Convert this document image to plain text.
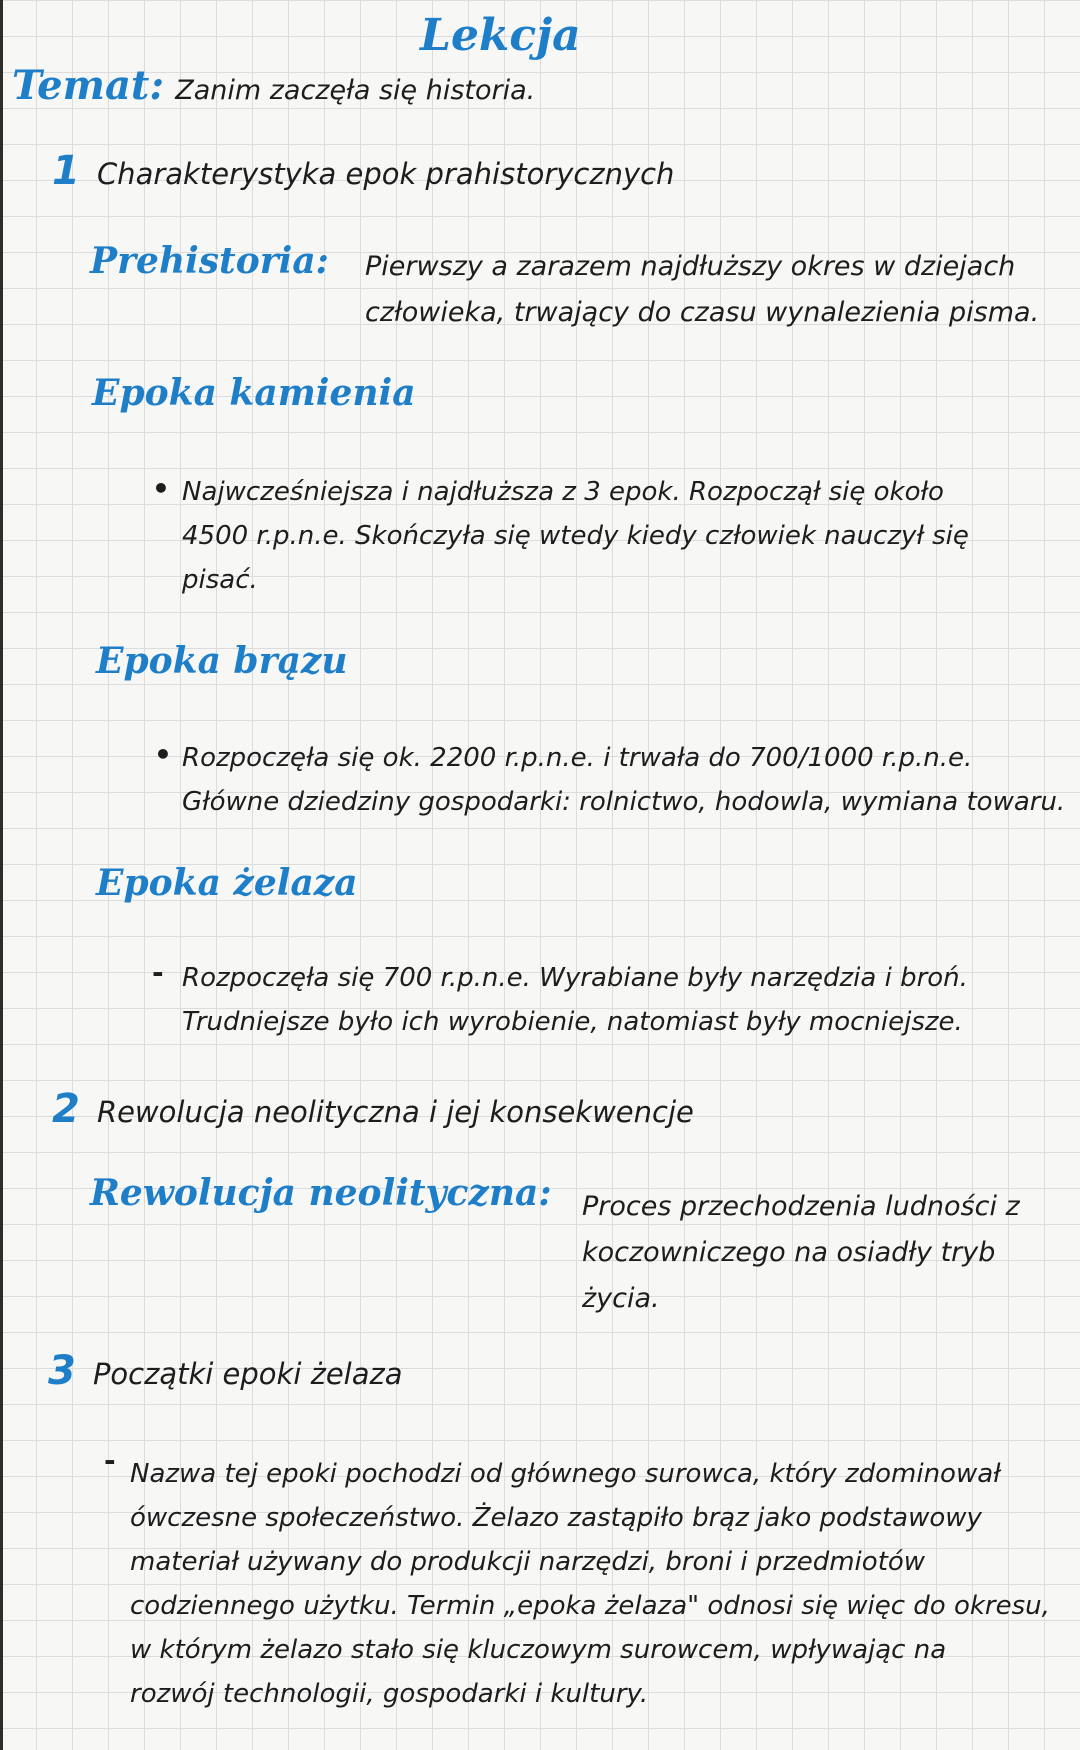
Lekcja
Temat: Zanim zaczęła się historia.
1 Charakterystyka epok prahistorycznych
Prehistoria: Pierwszy a zarazem najdłuższy okres w dziejach
człowieka, trwający do czasu wynalezienia pisma.
Epoka kamienia
• Najwcześniejsza i najdłuższa z 3 epok. Rozpoczął się około
4500 r.p.n.e. Skończyła się wtedy kiedy człowiek nauczył się
pisać.
Epoka brązu
• Rozpoczęła się ok. 2200 r.p.n.e. i trwała do 700/1000 r.p.n.e.
Główne dziedziny gospodarki: rolnictwo, hodowla, wymiana towaru.
Epoka żelaza
- Rozpoczęła się 700 r.p.n.e. Wyrabiane były narzędzia i broń.
Trudniejsze było ich wyrobienie, natomiast były mocniejsze.
2 Rewolucja neolityczna i jej konsekwencje
Rewolucja neolityczna: Proces przechodzenia ludności z
koczowniczego na osiadły tryb
życia.
3 Początki epoki żelaza
- Nazwa tej epoki pochodzi od głównego surowca, który zdominował
ówczesne społeczeństwo. Żelazo zastąpiło brąz jako podstawowy
materiał używany do produkcji narzędzi, broni i przedmiotów
codziennego użytku. Termin „epoka żelaza" odnosi się więc do okresu,
w którym żelazo stało się kluczowym surowcem, wpływając na
rozwój technologii, gospodarki i kultury.
